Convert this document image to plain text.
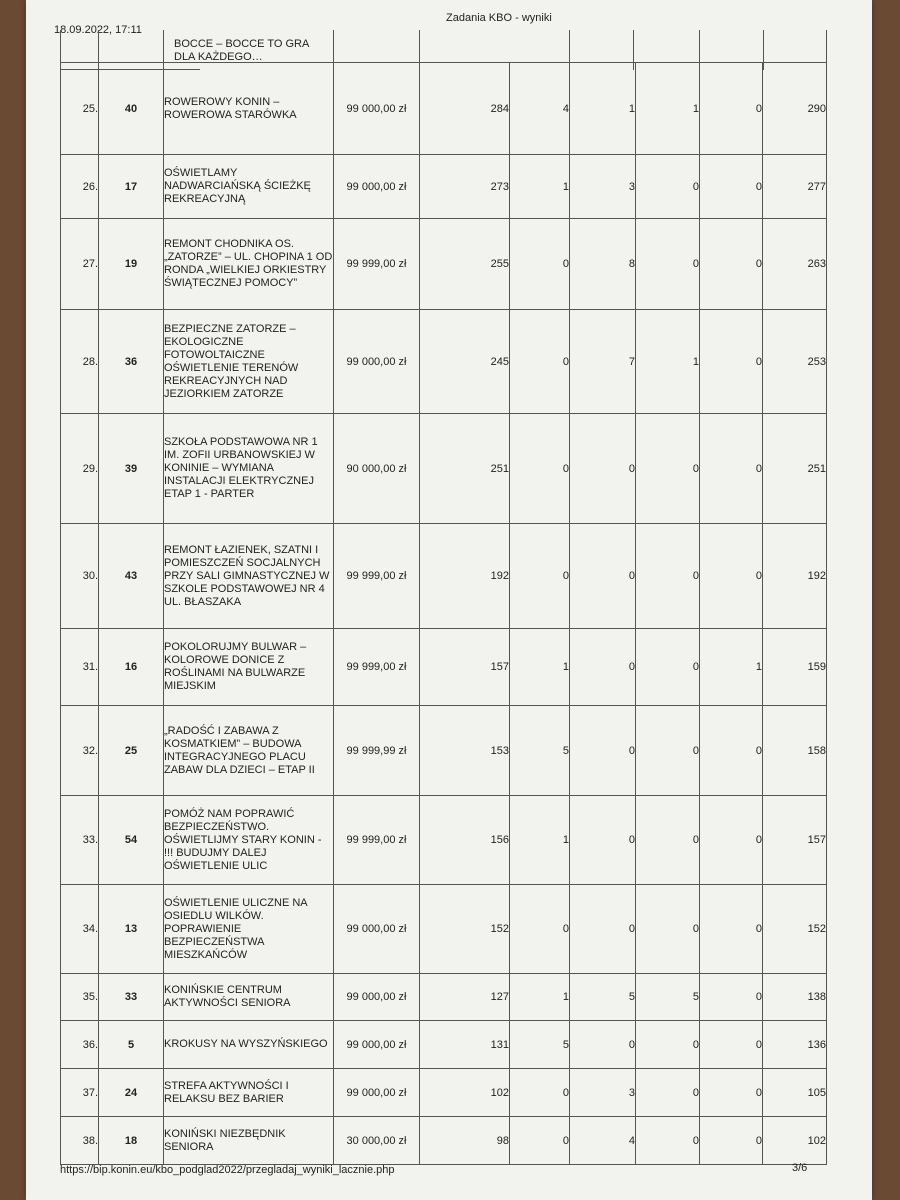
18.09.2022, 17:11
Zadania KBO - wyniki
		BOCCE – BOCCE TO GRA DLA KAŻDEGO…						
25.	40	ROWEROWY KONIN – ROWEROWA STARÓWKA	99 000,00 zł	284	4	1	1	0	290
26.	17	OŚWIETLAMY NADWARCIAŃSKĄ ŚCIEŻKĘ REKREACYJNĄ	99 000,00 zł	273	1	3	0	0	277
27.	19	REMONT CHODNIKA OS. „ZATORZE” – UL. CHOPINA 1 OD RONDA „WIELKIEJ ORKIESTRY ŚWIĄTECZNEJ POMOCY”	99 999,00 zł	255	0	8	0	0	263
28.	36	BEZPIECZNE ZATORZE – EKOLOGICZNE FOTOWOLTAICZNE OŚWIETLENIE TERENÓW REKREACYJNYCH NAD JEZIORKIEM ZATORZE	99 000,00 zł	245	0	7	1	0	253
29.	39	SZKOŁA PODSTAWOWA NR 1 IM. ZOFII URBANOWSKIEJ W KONINIE – WYMIANA INSTALACJI ELEKTRYCZNEJ ETAP 1 - PARTER	90 000,00 zł	251	0	0	0	0	251
30.	43	REMONT ŁAZIENEK, SZATNI I POMIESZCZEŃ SOCJALNYCH PRZY SALI GIMNASTYCZNEJ W SZKOLE PODSTAWOWEJ NR 4 UL. BŁASZAKA	99 999,00 zł	192	0	0	0	0	192
31.	16	POKOLORUJMY BULWAR – KOLOROWE DONICE Z ROŚLINAMI NA BULWARZE MIEJSKIM	99 999,00 zł	157	1	0	0	1	159
32.	25	„RADOŚĆ I ZABAWA Z KOSMATKIEM” – BUDOWA INTEGRACYJNEGO PLACU ZABAW DLA DZIECI – ETAP II	99 999,99 zł	153	5	0	0	0	158
33.	54	POMÓŻ NAM POPRAWIĆ BEZPIECZEŃSTWO. OŚWIETLIJMY STARY KONIN - !!! BUDUJMY DALEJ OŚWIETLENIE ULIC	99 999,00 zł	156	1	0	0	0	157
34.	13	OŚWIETLENIE ULICZNE NA OSIEDLU WILKÓW. POPRAWIENIE BEZPIECZEŃSTWA MIESZKAŃCÓW	99 000,00 zł	152	0	0	0	0	152
35.	33	KONIŃSKIE CENTRUM AKTYWNOŚCI SENIORA	99 000,00 zł	127	1	5	5	0	138
36.	5	KROKUSY NA WYSZYŃSKIEGO	99 000,00 zł	131	5	0	0	0	136
37.	24	STREFA AKTYWNOŚCI I RELAKSU BEZ BARIER	99 000,00 zł	102	0	3	0	0	105
38.	18	KONIŃSKI NIEZBĘDNIK SENIORA	30 000,00 zł	98	0	4	0	0	102
https://bip.konin.eu/kbo_podglad2022/przegladaj_wyniki_lacznie.php	3/6
